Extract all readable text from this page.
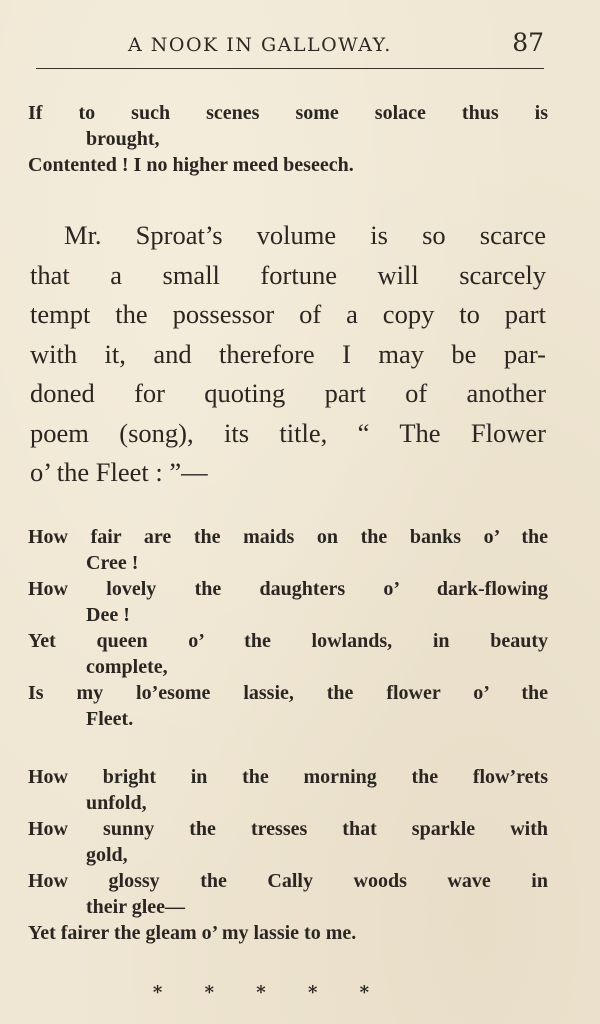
A NOOK IN GALLOWAY.	87
If to such scenes some solace thus is
brought,
Contented ! I no higher meed beseech.
Mr. Sproat’s volume is so scarce
that a small fortune will scarcely
tempt the possessor of a copy to part
with it, and therefore I may be par-
doned for quoting part of another
poem (song), its title, “ The Flower
o’ the Fleet : ”—
How fair are the maids on the banks o’ the
Cree !
How lovely the daughters o’ dark-flowing
Dee !
Yet queen o’ the lowlands, in beauty
complete,
Is my lo’esome lassie, the flower o’ the
Fleet.
How bright in the morning the flow’rets
unfold,
How sunny the tresses that sparkle with
gold,
How glossy the Cally woods wave in
their glee—
Yet fairer the gleam o’ my lassie to me.
* * * * *
